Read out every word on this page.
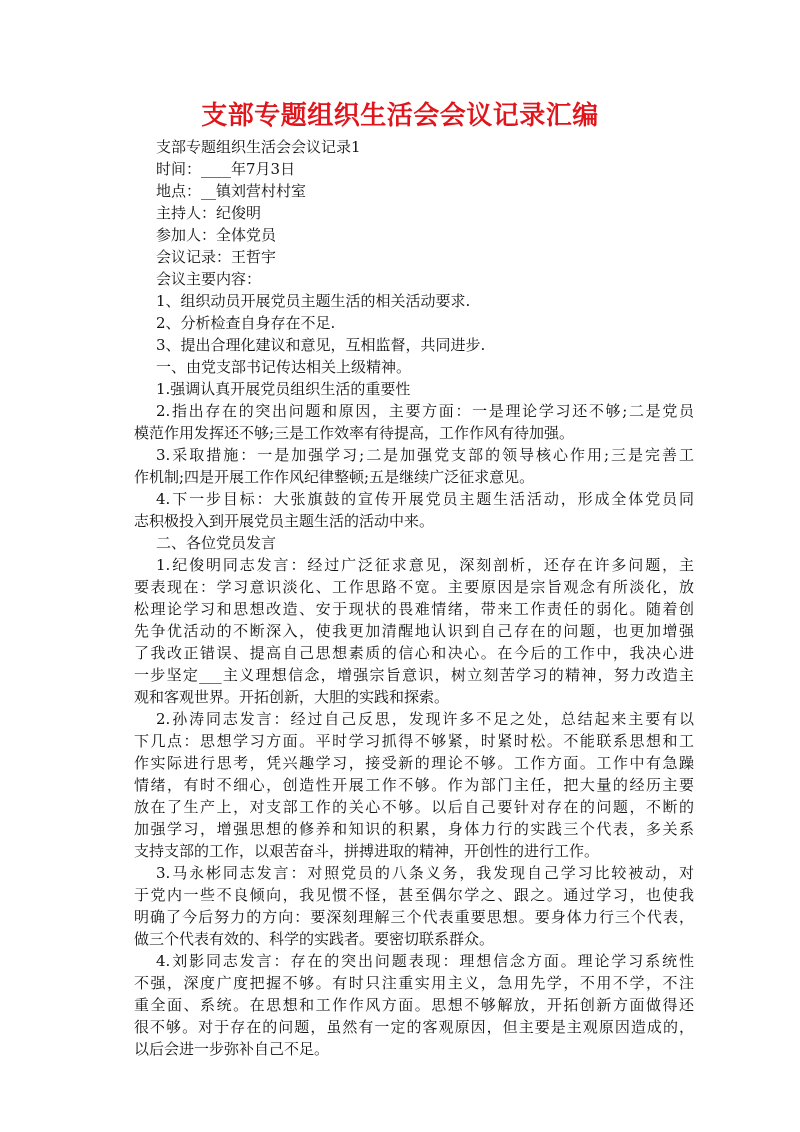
支部专题组织生活会会议记录汇编
支部专题组织生活会会议记录1
时间：____年7月3日
地点：__镇刘营村村室
主持人：纪俊明
参加人：全体党员
会议记录：王哲宇
会议主要内容：
1、组织动员开展党员主题生活的相关活动要求.
2、分析检查自身存在不足.
3、提出合理化建议和意见，互相监督，共同进步.
一、由党支部书记传达相关上级精神。
1.强调认真开展党员组织生活的重要性
2.指出存在的突出问题和原因，主要方面：一是理论学习还不够;二是党员
模范作用发挥还不够;三是工作效率有待提高，工作作风有待加强。
3.采取措施：一是加强学习;二是加强党支部的领导核心作用;三是完善工
作机制;四是开展工作作风纪律整顿;五是继续广泛征求意见。
4.下一步目标：大张旗鼓的宣传开展党员主题生活活动，形成全体党员同
志积极投入到开展党员主题生活的活动中来。
二、各位党员发言
1.纪俊明同志发言：经过广泛征求意见，深刻剖析，还存在许多问题，主
要表现在：学习意识淡化、工作思路不宽。主要原因是宗旨观念有所淡化，放
松理论学习和思想改造、安于现状的畏难情绪，带来工作责任的弱化。随着创
先争优活动的不断深入，使我更加清醒地认识到自己存在的问题，也更加增强
了我改正错误、提高自己思想素质的信心和决心。在今后的工作中，我决心进
一步坚定___主义理想信念，增强宗旨意识，树立刻苦学习的精神，努力改造主
观和客观世界。开拓创新，大胆的实践和探索。
2.孙涛同志发言：经过自己反思，发现许多不足之处，总结起来主要有以
下几点：思想学习方面。平时学习抓得不够紧，时紧时松。不能联系思想和工
作实际进行思考，凭兴趣学习，接受新的理论不够。工作方面。工作中有急躁
情绪，有时不细心，创造性开展工作不够。作为部门主任，把大量的经历主要
放在了生产上，对支部工作的关心不够。以后自己要针对存在的问题，不断的
加强学习，增强思想的修养和知识的积累，身体力行的实践三个代表，多关系
支持支部的工作，以艰苦奋斗，拼搏进取的精神，开创性的进行工作。
3.马永彬同志发言：对照党员的八条义务，我发现自己学习比较被动，对
于党内一些不良倾向，我见惯不怪，甚至偶尔学之、跟之。通过学习，也使我
明确了今后努力的方向：要深刻理解三个代表重要思想。要身体力行三个代表，
做三个代表有效的、科学的实践者。要密切联系群众。
4.刘影同志发言：存在的突出问题表现：理想信念方面。理论学习系统性
不强，深度广度把握不够。有时只注重实用主义，急用先学，不用不学，不注
重全面、系统。在思想和工作作风方面。思想不够解放，开拓创新方面做得还
很不够。对于存在的问题，虽然有一定的客观原因，但主要是主观原因造成的，
以后会进一步弥补自己不足。
